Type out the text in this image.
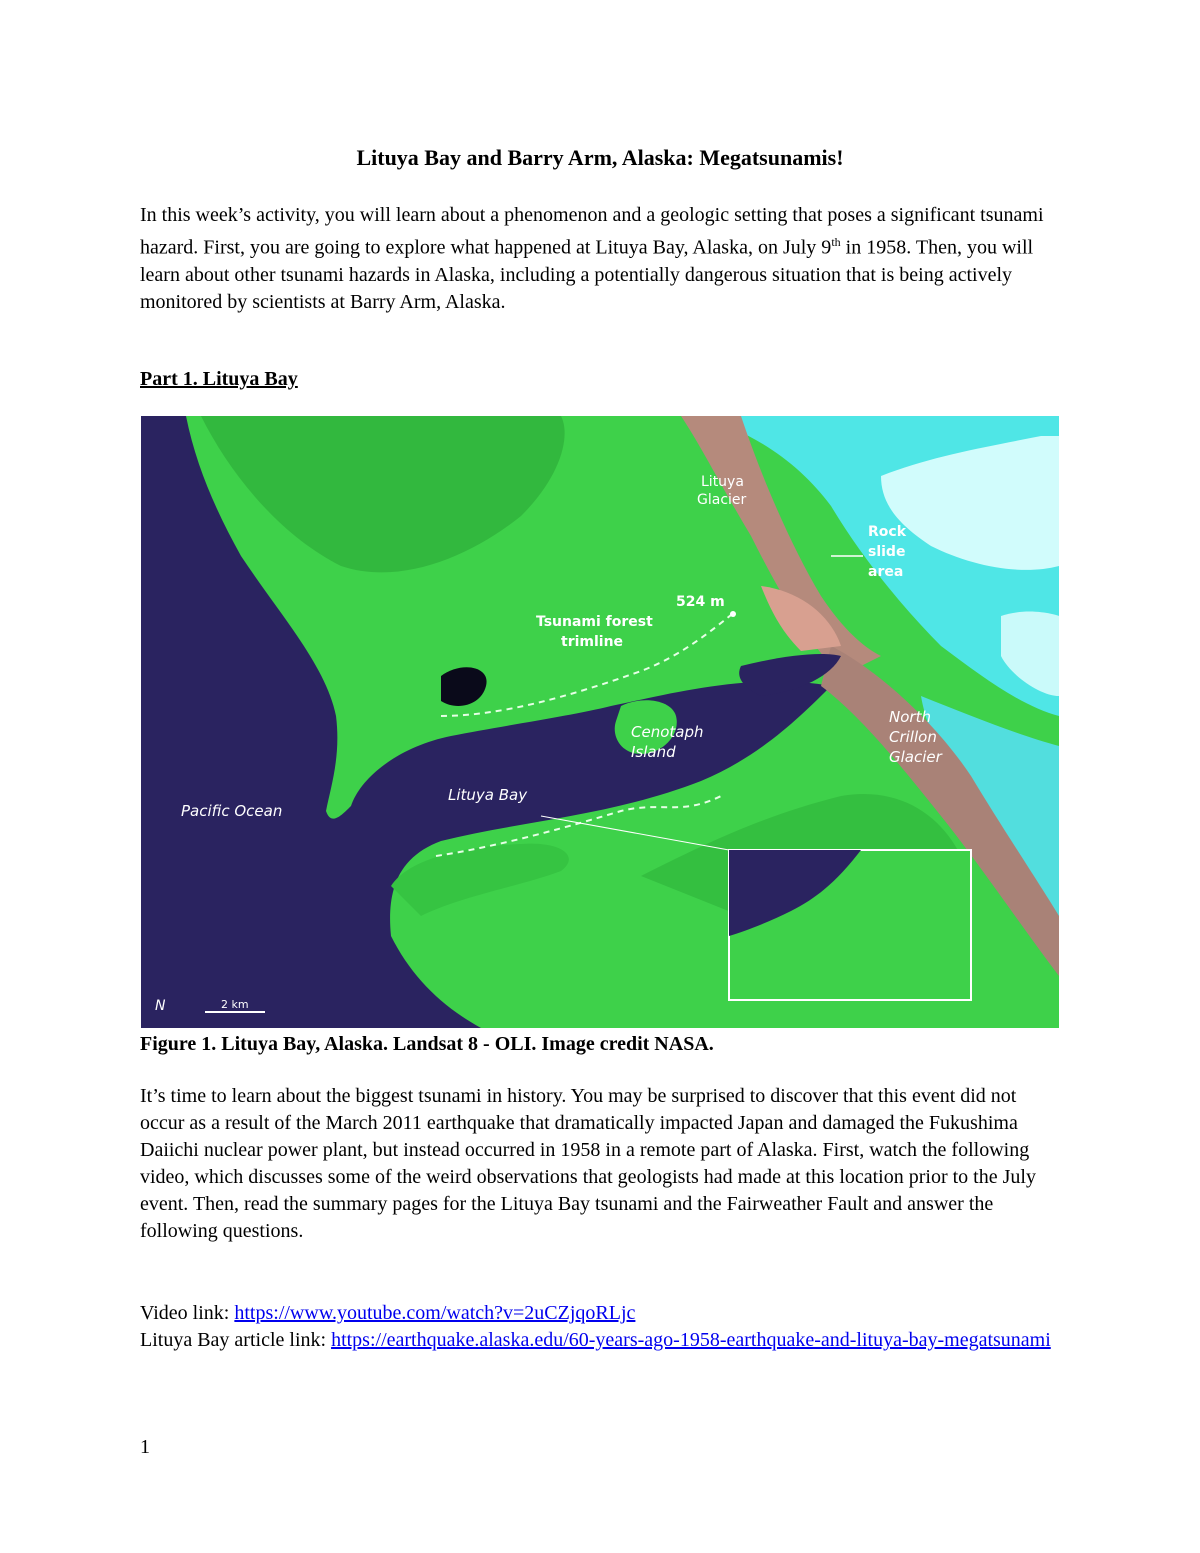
Lituya Bay and Barry Arm, Alaska: Megatsunamis!

In this week’s activity, you will learn about a phenomenon and a geologic setting that poses a significant tsunami hazard. First, you are going to explore what happened at Lituya Bay, Alaska, on July 9th in 1958. Then, you will learn about other tsunami hazards in Alaska, including a potentially dangerous situation that is being actively monitored by scientists at Barry Arm, Alaska.

Part 1. Lituya Bay
Lituya
Glacier
Rock
slide
area
524 m
Tsunami forest
trimline
Cenotaph
Island
North
Crillon
Glacier
Lituya Bay
Pacific Ocean
N	2 km
Figure 1. Lituya Bay, Alaska. Landsat 8 - OLI. Image credit NASA.

It’s time to learn about the biggest tsunami in history. You may be surprised to discover that this event did not occur as a result of the March 2011 earthquake that dramatically impacted Japan and damaged the Fukushima Daiichi nuclear power plant, but instead occurred in 1958 in a remote part of Alaska. First, watch the following video, which discusses some of the weird observations that geologists had made at this location prior to the July event. Then, read the summary pages for the Lituya Bay tsunami and the Fairweather Fault and answer the following questions.

Video link: https://www.youtube.com/watch?v=2uCZjqoRLjc
Lituya Bay article link: https://earthquake.alaska.edu/60-years-ago-1958-earthquake-and-lituya-bay-megatsunami
1
